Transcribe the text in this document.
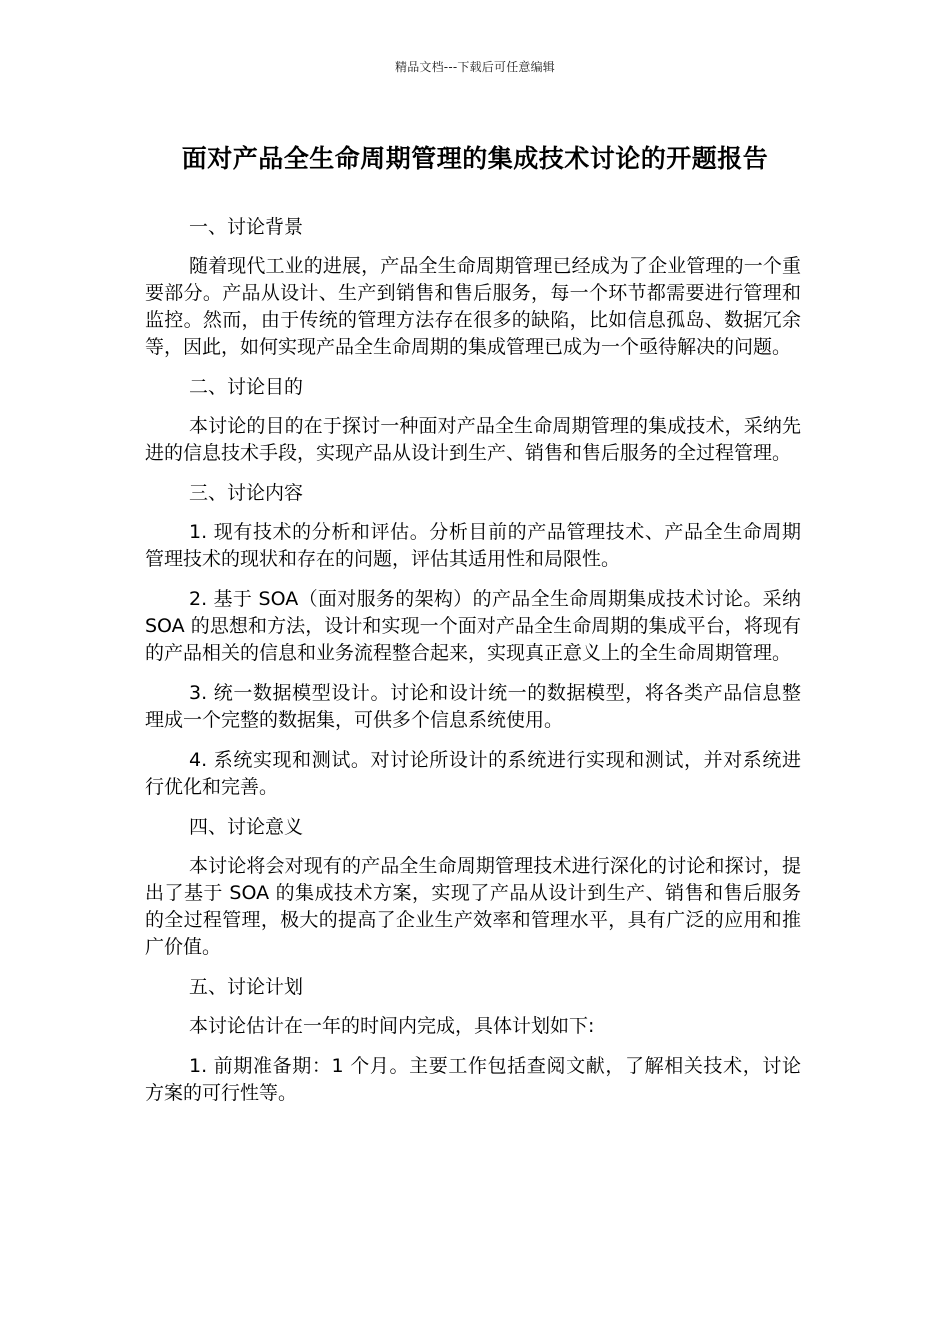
精品文档---下载后可任意编辑
面对产品全生命周期管理的集成技术讨论的开题报告

一、讨论背景

随着现代工业的进展，产品全生命周期管理已经成为了企业管理的一个重要部分。产品从设计、生产到销售和售后服务，每一个环节都需要进行管理和监控。然而，由于传统的管理方法存在很多的缺陷，比如信息孤岛、数据冗余等，因此，如何实现产品全生命周期的集成管理已成为一个亟待解决的问题。

二、讨论目的

本讨论的目的在于探讨一种面对产品全生命周期管理的集成技术，采纳先进的信息技术手段，实现产品从设计到生产、销售和售后服务的全过程管理。

三、讨论内容

1. 现有技术的分析和评估。分析目前的产品管理技术、产品全生命周期管理技术的现状和存在的问题，评估其适用性和局限性。

2. 基于 SOA（面对服务的架构）的产品全生命周期集成技术讨论。采纳 SOA 的思想和方法，设计和实现一个面对产品全生命周期的集成平台，将现有的产品相关的信息和业务流程整合起来，实现真正意义上的全生命周期管理。

3. 统一数据模型设计。讨论和设计统一的数据模型，将各类产品信息整理成一个完整的数据集，可供多个信息系统使用。

4. 系统实现和测试。对讨论所设计的系统进行实现和测试，并对系统进行优化和完善。

四、讨论意义

本讨论将会对现有的产品全生命周期管理技术进行深化的讨论和探讨，提出了基于 SOA 的集成技术方案，实现了产品从设计到生产、销售和售后服务的全过程管理，极大的提高了企业生产效率和管理水平，具有广泛的应用和推广价值。

五、讨论计划

本讨论估计在一年的时间内完成，具体计划如下:

1. 前期准备期：1 个月。主要工作包括查阅文献，了解相关技术，讨论方案的可行性等。
